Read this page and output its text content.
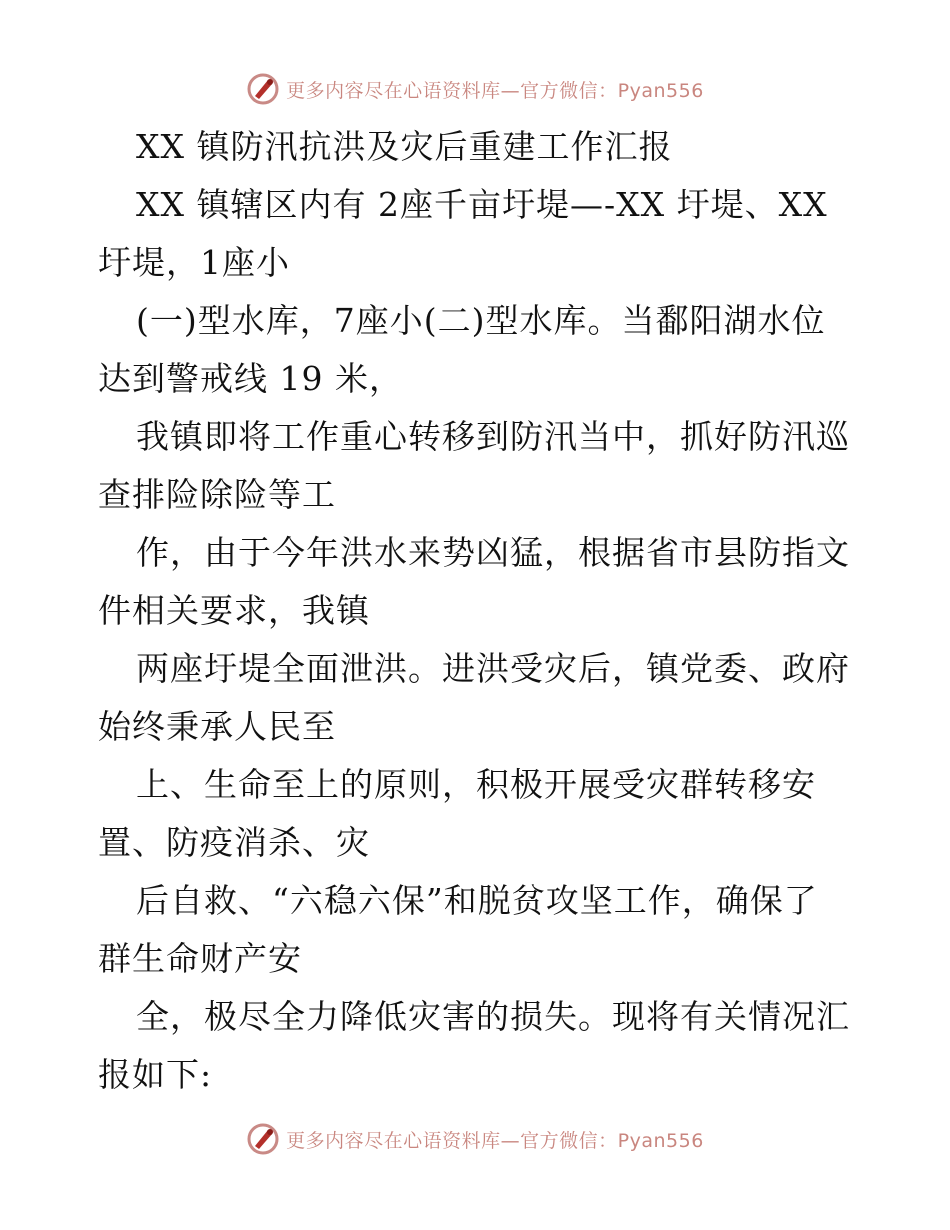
更多内容尽在心语资料库—官方微信：Pyan556
XX 镇防汛抗洪及灾后重建工作汇报
XX 镇辖区内有 2座千亩圩堤—-XX 圩堤、XX
圩堤，1座小
(一)型水库，7座小(二)型水库。当鄱阳湖水位
达到警戒线 19 米，
我镇即将工作重心转移到防汛当中，抓好防汛巡
查排险除险等工
作，由于今年洪水来势凶猛，根据省市县防指文
件相关要求，我镇
两座圩堤全面泄洪。进洪受灾后，镇党委、政府
始终秉承人民至
上、生命至上的原则，积极开展受灾群转移安
置、防疫消杀、灾
后自救、“六稳六保”和脱贫攻坚工作，确保了
群生命财产安
全，极尽全力降低灾害的损失。现将有关情况汇
报如下:
更多内容尽在心语资料库—官方微信：Pyan556
